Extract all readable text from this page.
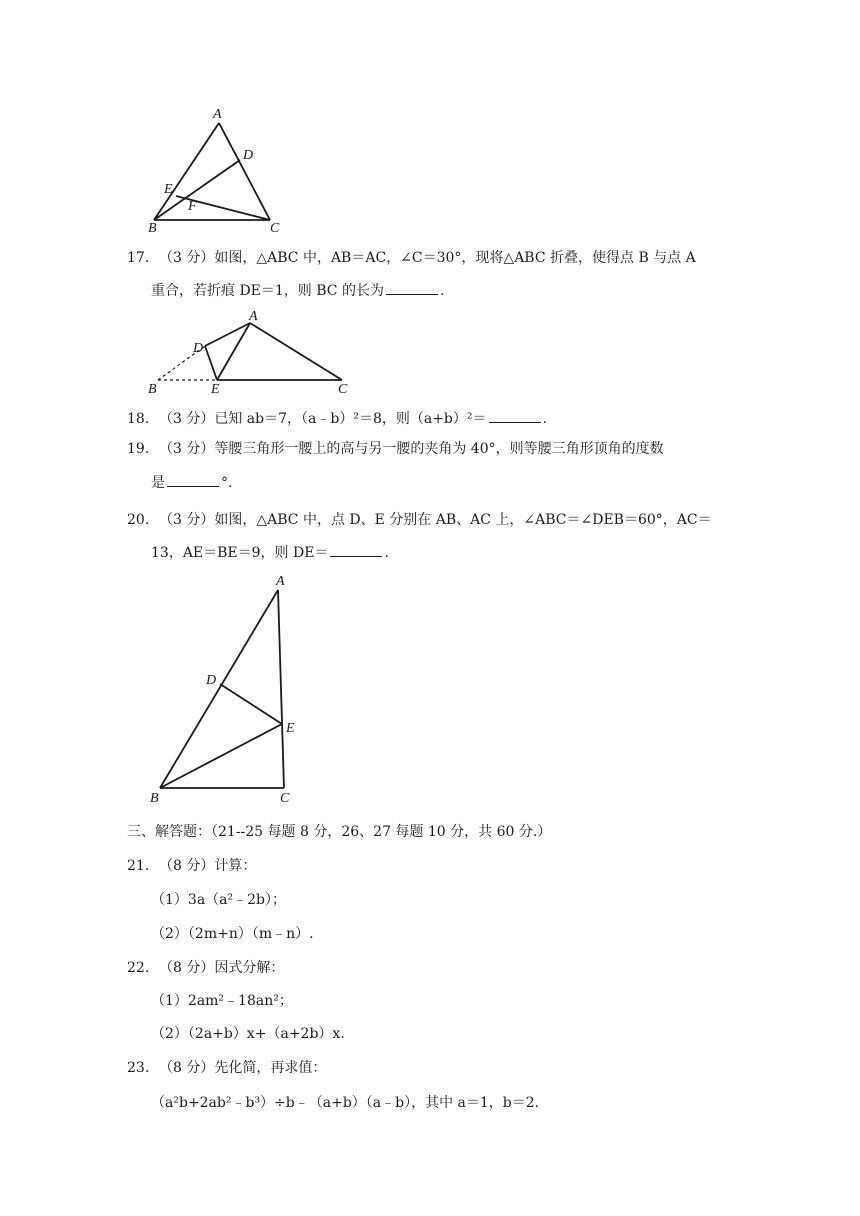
A
D
E
F
B	C
A
D
B	E	C
A
D
E
B	C
17. （3 分）如图，△ABC 中，AB＝AC，∠C＝30°，现将△ABC 折叠，使得点 B 与点 A
重合，若折痕 DE＝1，则 BC 的长为	.
18. （3 分）已知 ab＝7，（a﹣b）²＝8，则（a+b）²＝	.
19. （3 分）等腰三角形一腰上的高与另一腰的夹角为 40°，则等腰三角形顶角的度数
是	°.
20. （3 分）如图，△ABC 中，点 D、E 分别在 AB、AC 上，∠ABC＝∠DEB＝60°，AC＝
13，AE＝BE＝9，则 DE＝	.
三、解答题：（21--25 每题 8 分，26、27 每题 10 分，共 60 分.）
21. （8 分）计算：
（1）3a（a²﹣2b）；
（2）（2m+n）（m﹣n）.
22. （8 分）因式分解：
（1）2am²﹣18an²；
（2）（2a+b）x+（a+2b）x.
23. （8 分）先化简，再求值：
（a²b+2ab²﹣b³）÷b﹣（a+b）（a﹣b），其中 a＝1，b＝2.
